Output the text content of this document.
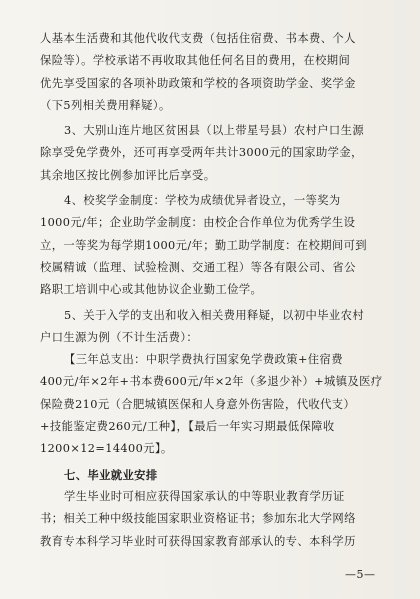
人基本生活费和其他代收代支费（包括住宿费、书本费、个人

保险等）。学校承诺不再收取其他任何名目的费用，在校期间

优先享受国家的各项补助政策和学校的各项资助学金、奖学金

（下5列相关费用释疑）。

3、大别山连片地区贫困县（以上带星号县）农村户口生源

除享受免学费外，还可再享受两年共计3000元的国家助学金，

其余地区按比例参加评比后享受。

4、校奖学金制度：学校为成绩优异者设立，一等奖为

1000元/年；企业助学金制度：由校企合作单位为优秀学生设

立，一等奖为每学期1000元/年；勤工助学制度：在校期间可到

校属精诚（监理、试验检测、交通工程）等各有限公司、省公

路职工培训中心或其他协议企业勤工俭学。

5、关于入学的支出和收入相关费用释疑，以初中毕业农村

户口生源为例（不计生活费）：

【三年总支出：中职学费执行国家免学费政策+住宿费

400元/年×2年+书本费600元/年×2年（多退少补）+城镇及医疗

保险费210元（合肥城镇医保和人身意外伤害险，代收代支）

+技能鉴定费260元/工种】，【最后一年实习期最低保障收

1200×12=14400元】。

七、毕业就业安排

学生毕业时可相应获得国家承认的中等职业教育学历证

书；相关工种中级技能国家职业资格证书；参加东北大学网络

教育专本科学习毕业时可获得国家教育部承认的专、本科学历

—5—
